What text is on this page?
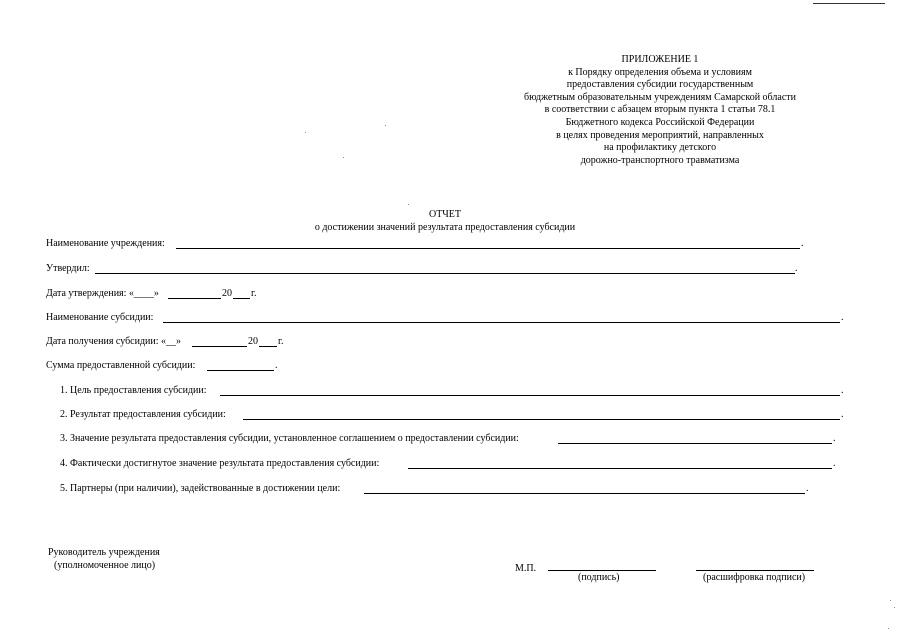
ПРИЛОЖЕНИЕ 1
к Порядку определения объема и условиям
предоставления субсидии государственным
бюджетным образовательным учреждениям Самарской области
в соответствии с абзацем вторым пункта 1 статьи 78.1
Бюджетного кодекса Российской Федерации
в целях проведения мероприятий, направленных
на профилактику детского
дорожно-транспортного травматизма
ОТЧЕТ
о достижении значений результата предоставления субсидии
Наименование учреждения:	.
Утвердил:	.
Дата утверждения: «____»	20 г.
Наименование субсидии:	.
Дата получения субсидии: «__»	20 г.
Сумма предоставленной субсидии:	.
1. Цель предоставления субсидии:	.
2. Результат предоставления субсидии:	.
3. Значение результата предоставления субсидии, установленное соглашением о предоставлении субсидии:	.
4. Фактически достигнутое значение результата предоставления субсидии:	.
5. Партнеры (при наличии), задействованные в достижении цели:	.
Руководитель учреждения
(уполномоченное лицо)	М.П.
(подпись)	(расшифровка подписи)
